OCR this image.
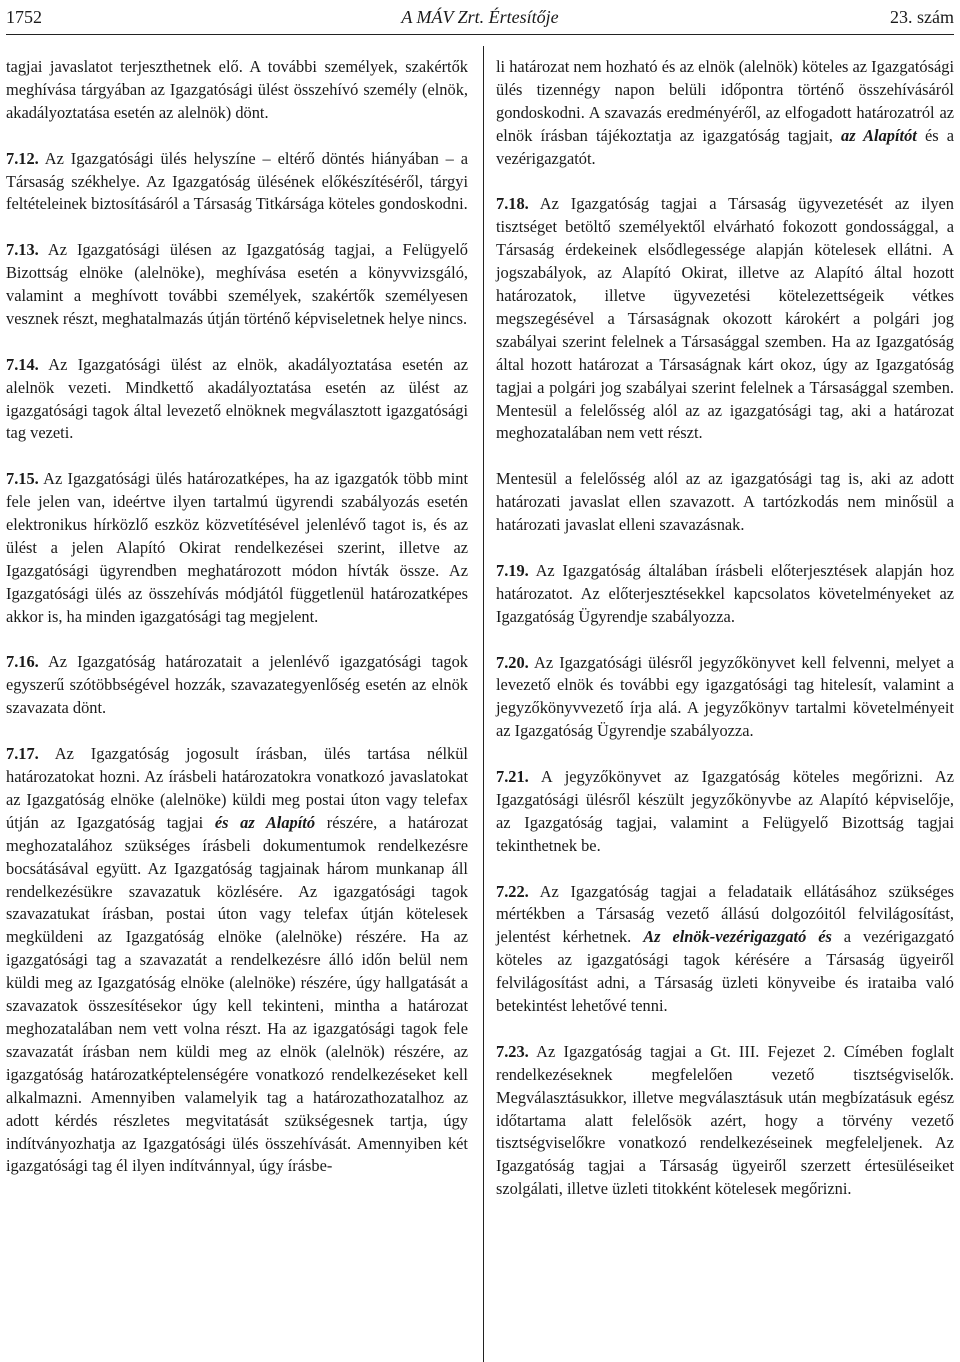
1752	A MÁV Zrt. Értesítője	23. szám

tagjai javaslatot terjeszthetnek elő. A további személyek, szakértők meghívása tárgyában az Igazgatósági ülést összehívó személy (elnök, akadályoztatása esetén az alelnök) dönt.

7.12. Az Igazgatósági ülés helyszíne – eltérő döntés hiányában – a Társaság székhelye. Az Igazgatóság ülésének előkészítéséről, tárgyi feltételeinek biztosításáról a Társaság Titkársága köteles gondoskodni.

7.13. Az Igazgatósági ülésen az Igazgatóság tagjai, a Felügyelő Bizottság elnöke (alelnöke), meghívása esetén a könyvvizsgáló, valamint a meghívott további személyek, szakértők személyesen vesznek részt, meghatalmazás útján történő képviseletnek helye nincs.

7.14. Az Igazgatósági ülést az elnök, akadályoztatása esetén az alelnök vezeti. Mindkettő akadályoztatása esetén az ülést az igazgatósági tagok által levezető elnöknek megválasztott igazgatósági tag vezeti.

7.15. Az Igazgatósági ülés határozatképes, ha az igazgatók több mint fele jelen van, ideértve ilyen tartalmú ügyrendi szabályozás esetén elektronikus hírközlő eszköz közvetítésével jelenlévő tagot is, és az ülést a jelen Alapító Okirat rendelkezései szerint, illetve az Igazgatósági ügyrendben meghatározott módon hívták össze. Az Igazgatósági ülés az összehívás módjától függetlenül határozatképes akkor is, ha minden igazgatósági tag megjelent.

7.16. Az Igazgatóság határozatait a jelenlévő igazgatósági tagok egyszerű szótöbbségével hozzák, szavazategyenlőség esetén az elnök szavazata dönt.

7.17. Az Igazgatóság jogosult írásban, ülés tartása nélkül határozatokat hozni. Az írásbeli határozatokra vonatkozó javaslatokat az Igazgatóság elnöke (alelnöke) küldi meg postai úton vagy telefax útján az Igazgatóság tagjai és az Alapító részére, a határozat meghozatalához szükséges írásbeli dokumentumok rendelkezésre bocsátásával együtt. Az Igazgatóság tagjainak három munkanap áll rendelkezésükre szavazatuk közlésére. Az igazgatósági tagok szavazatukat írásban, postai úton vagy telefax útján kötelesek megküldeni az Igazgatóság elnöke (alelnöke) részére. Ha az igazgatósági tag a szavazatát a rendelkezésre álló időn belül nem küldi meg az Igazgatóság elnöke (alelnöke) részére, úgy hallgatását a szavazatok összesítésekor úgy kell tekinteni, mintha a határozat meghozatalában nem vett volna részt. Ha az igazgatósági tagok fele szavazatát írásban nem küldi meg az elnök (alelnök) részére, az igazgatóság határozatképtelenségére vonatkozó rendelkezéseket kell alkalmazni. Amennyiben valamelyik tag a határozathozatalhoz az adott kérdés részletes megvitatását szükségesnek tartja, úgy indítványozhatja az Igazgatósági ülés összehívását. Amennyiben két igazgatósági tag él ilyen indítvánnyal, úgy írásbe-

li határozat nem hozható és az elnök (alelnök) köteles az Igazgatósági ülés tizennégy napon belüli időpontra történő összehívásáról gondoskodni. A szavazás eredményéről, az elfogadott határozatról az elnök írásban tájékoztatja az igazgatóság tagjait, az Alapítót és a vezérigazgatót.

7.18. Az Igazgatóság tagjai a Társaság ügyvezetését az ilyen tisztséget betöltő személyektől elvárható fokozott gondossággal, a Társaság érdekeinek elsődlegessége alapján kötelesek ellátni. A jogszabályok, az Alapító Okirat, illetve az Alapító által hozott határozatok, illetve ügyvezetési kötelezettségeik vétkes megszegésével a Társaságnak okozott károkért a polgári jog szabályai szerint felelnek a Társasággal szemben. Ha az Igazgatóság által hozott határozat a Társaságnak kárt okoz, úgy az Igazgatóság tagjai a polgári jog szabályai szerint felelnek a Társasággal szemben. Mentesül a felelősség alól az az igazgatósági tag, aki a határozat meghozatalában nem vett részt.

Mentesül a felelősség alól az az igazgatósági tag is, aki az adott határozati javaslat ellen szavazott. A tartózkodás nem minősül a határozati javaslat elleni szavazásnak.

7.19. Az Igazgatóság általában írásbeli előterjesztések alapján hoz határozatot. Az előterjesztésekkel kapcsolatos követelményeket az Igazgatóság Ügyrendje szabályozza.

7.20. Az Igazgatósági ülésről jegyzőkönyvet kell felvenni, melyet a levezető elnök és további egy igazgatósági tag hitelesít, valamint a jegyzőkönyvvezető írja alá. A jegyzőkönyv tartalmi követelményeit az Igazgatóság Ügyrendje szabályozza.

7.21. A jegyzőkönyvet az Igazgatóság köteles megőrizni. Az Igazgatósági ülésről készült jegyzőkönyvbe az Alapító képviselője, az Igazgatóság tagjai, valamint a Felügyelő Bizottság tagjai tekinthetnek be.

7.22. Az Igazgatóság tagjai a feladataik ellátásához szükséges mértékben a Társaság vezető állású dolgozóitól felvilágosítást, jelentést kérhetnek. Az elnök-vezérigazgató és a vezérigazgató köteles az igazgatósági tagok kérésére a Társaság ügyeiről felvilágosítást adni, a Társaság üzleti könyveibe és irataiba való betekintést lehetővé tenni.

7.23. Az Igazgatóság tagjai a Gt. III. Fejezet 2. Címében foglalt rendelkezéseknek megfelelően vezető tisztségviselők. Megválasztásukkor, illetve megválasztásuk után megbízatásuk egész időtartama alatt felelősök azért, hogy a törvény vezető tisztségviselőkre vonatkozó rendelkezéseinek megfeleljenek. Az Igazgatóság tagjai a Társaság ügyeiről szerzett értesüléseiket szolgálati, illetve üzleti titokként kötelesek megőrizni.
